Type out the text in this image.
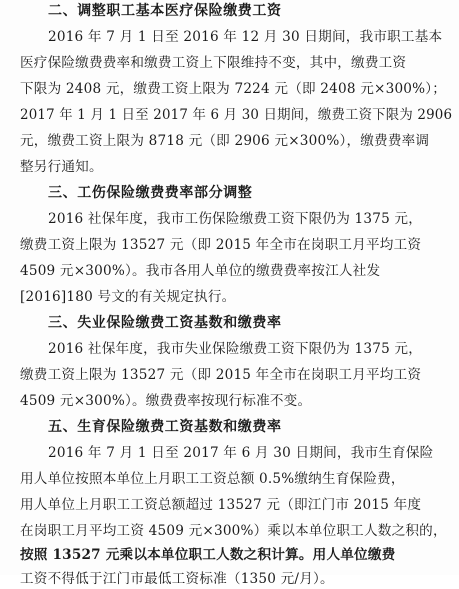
二、调整职工基本医疗保险缴费工资
2016 年 7 月 1 日至 2016 年 12 月 30 日期间，我市职工基本
医疗保险缴费费率和缴费工资上下限维持不变，其中，缴费工资
下限为 2408 元，缴费工资上限为 7224 元（即 2408 元×300%）；
2017 年 1 月 1 日至 2017 年 6 月 30 日期间，缴费工资下限为 2906
元，缴费工资上限为 8718 元（即 2906 元×300%），缴费费率调
整另行通知。
三、工伤保险缴费费率部分调整
2016 社保年度，我市工伤保险缴费工资下限仍为 1375 元，
缴费工资上限为 13527 元（即 2015 年全市在岗职工月平均工资
4509 元×300%）。我市各用人单位的缴费费率按江人社发
[2016]180 号文的有关规定执行。
三、失业保险缴费工资基数和缴费率
2016 社保年度，我市失业保险缴费工资下限仍为 1375 元，
缴费工资上限为 13527 元（即 2015 年全市在岗职工月平均工资
4509 元×300%）。缴费费率按现行标准不变。
五、生育保险缴费工资基数和缴费率
2016 年 7 月 1 日至 2017 年 6 月 30 日期间，我市生育保险
用人单位按照本单位上月职工工资总额 0.5%缴纳生育保险费，
用人单位上月职工工资总额超过 13527 元（即江门市 2015 年度
在岗职工月平均工资 4509 元×300%）乘以本单位职工人数之积的，
按照 13527 元乘以本单位职工人数之积计算。用人单位缴费
工资不得低于江门市最低工资标准（1350 元/月）。
